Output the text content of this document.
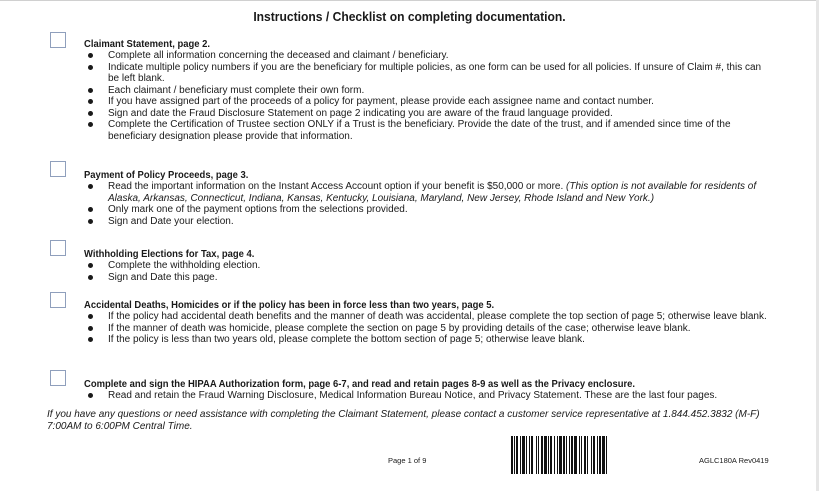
Instructions / Checklist on completing documentation.
Claimant Statement, page 2.
Complete all information concerning the deceased and claimant / beneficiary.
Indicate multiple policy numbers if you are the beneficiary for multiple policies, as one form can be used for all policies. If unsure of Claim #, this can be left blank.
Each claimant / beneficiary must complete their own form.
If you have assigned part of the proceeds of a policy for payment, please provide each assignee name and contact number.
Sign and date the Fraud Disclosure Statement on page 2 indicating you are aware of the fraud language provided.
Complete the Certification of Trustee section ONLY if a Trust is the beneficiary. Provide the date of the trust, and if amended since time of the beneficiary designation please provide that information.
Payment of Policy Proceeds, page 3.
Read the important information on the Instant Access Account option if your benefit is $50,000 or more. (This option is not available for residents of Alaska, Arkansas, Connecticut, Indiana, Kansas, Kentucky, Louisiana, Maryland, New Jersey, Rhode Island and New York.)
Only mark one of the payment options from the selections provided.
Sign and Date your election.
Withholding Elections for Tax, page 4.
Complete the withholding election.
Sign and Date this page.
Accidental Deaths, Homicides or if the policy has been in force less than two years, page 5.
If the policy had accidental death benefits and the manner of death was accidental, please complete the top section of page 5; otherwise leave blank.
If the manner of death was homicide, please complete the section on page 5 by providing details of the case; otherwise leave blank.
If the policy is less than two years old, please complete the bottom section of page 5; otherwise leave blank.
Complete and sign the HIPAA Authorization form, page 6-7, and read and retain pages 8-9 as well as the Privacy enclosure.
Read and retain the Fraud Warning Disclosure, Medical Information Bureau Notice, and Privacy Statement. These are the last four pages.
If you have any questions or need assistance with completing the Claimant Statement, please contact a customer service representative at 1.844.452.3832 (M-F) 7:00AM to 6:00PM Central Time.
Page 1 of 9	AGLC180A Rev0419
